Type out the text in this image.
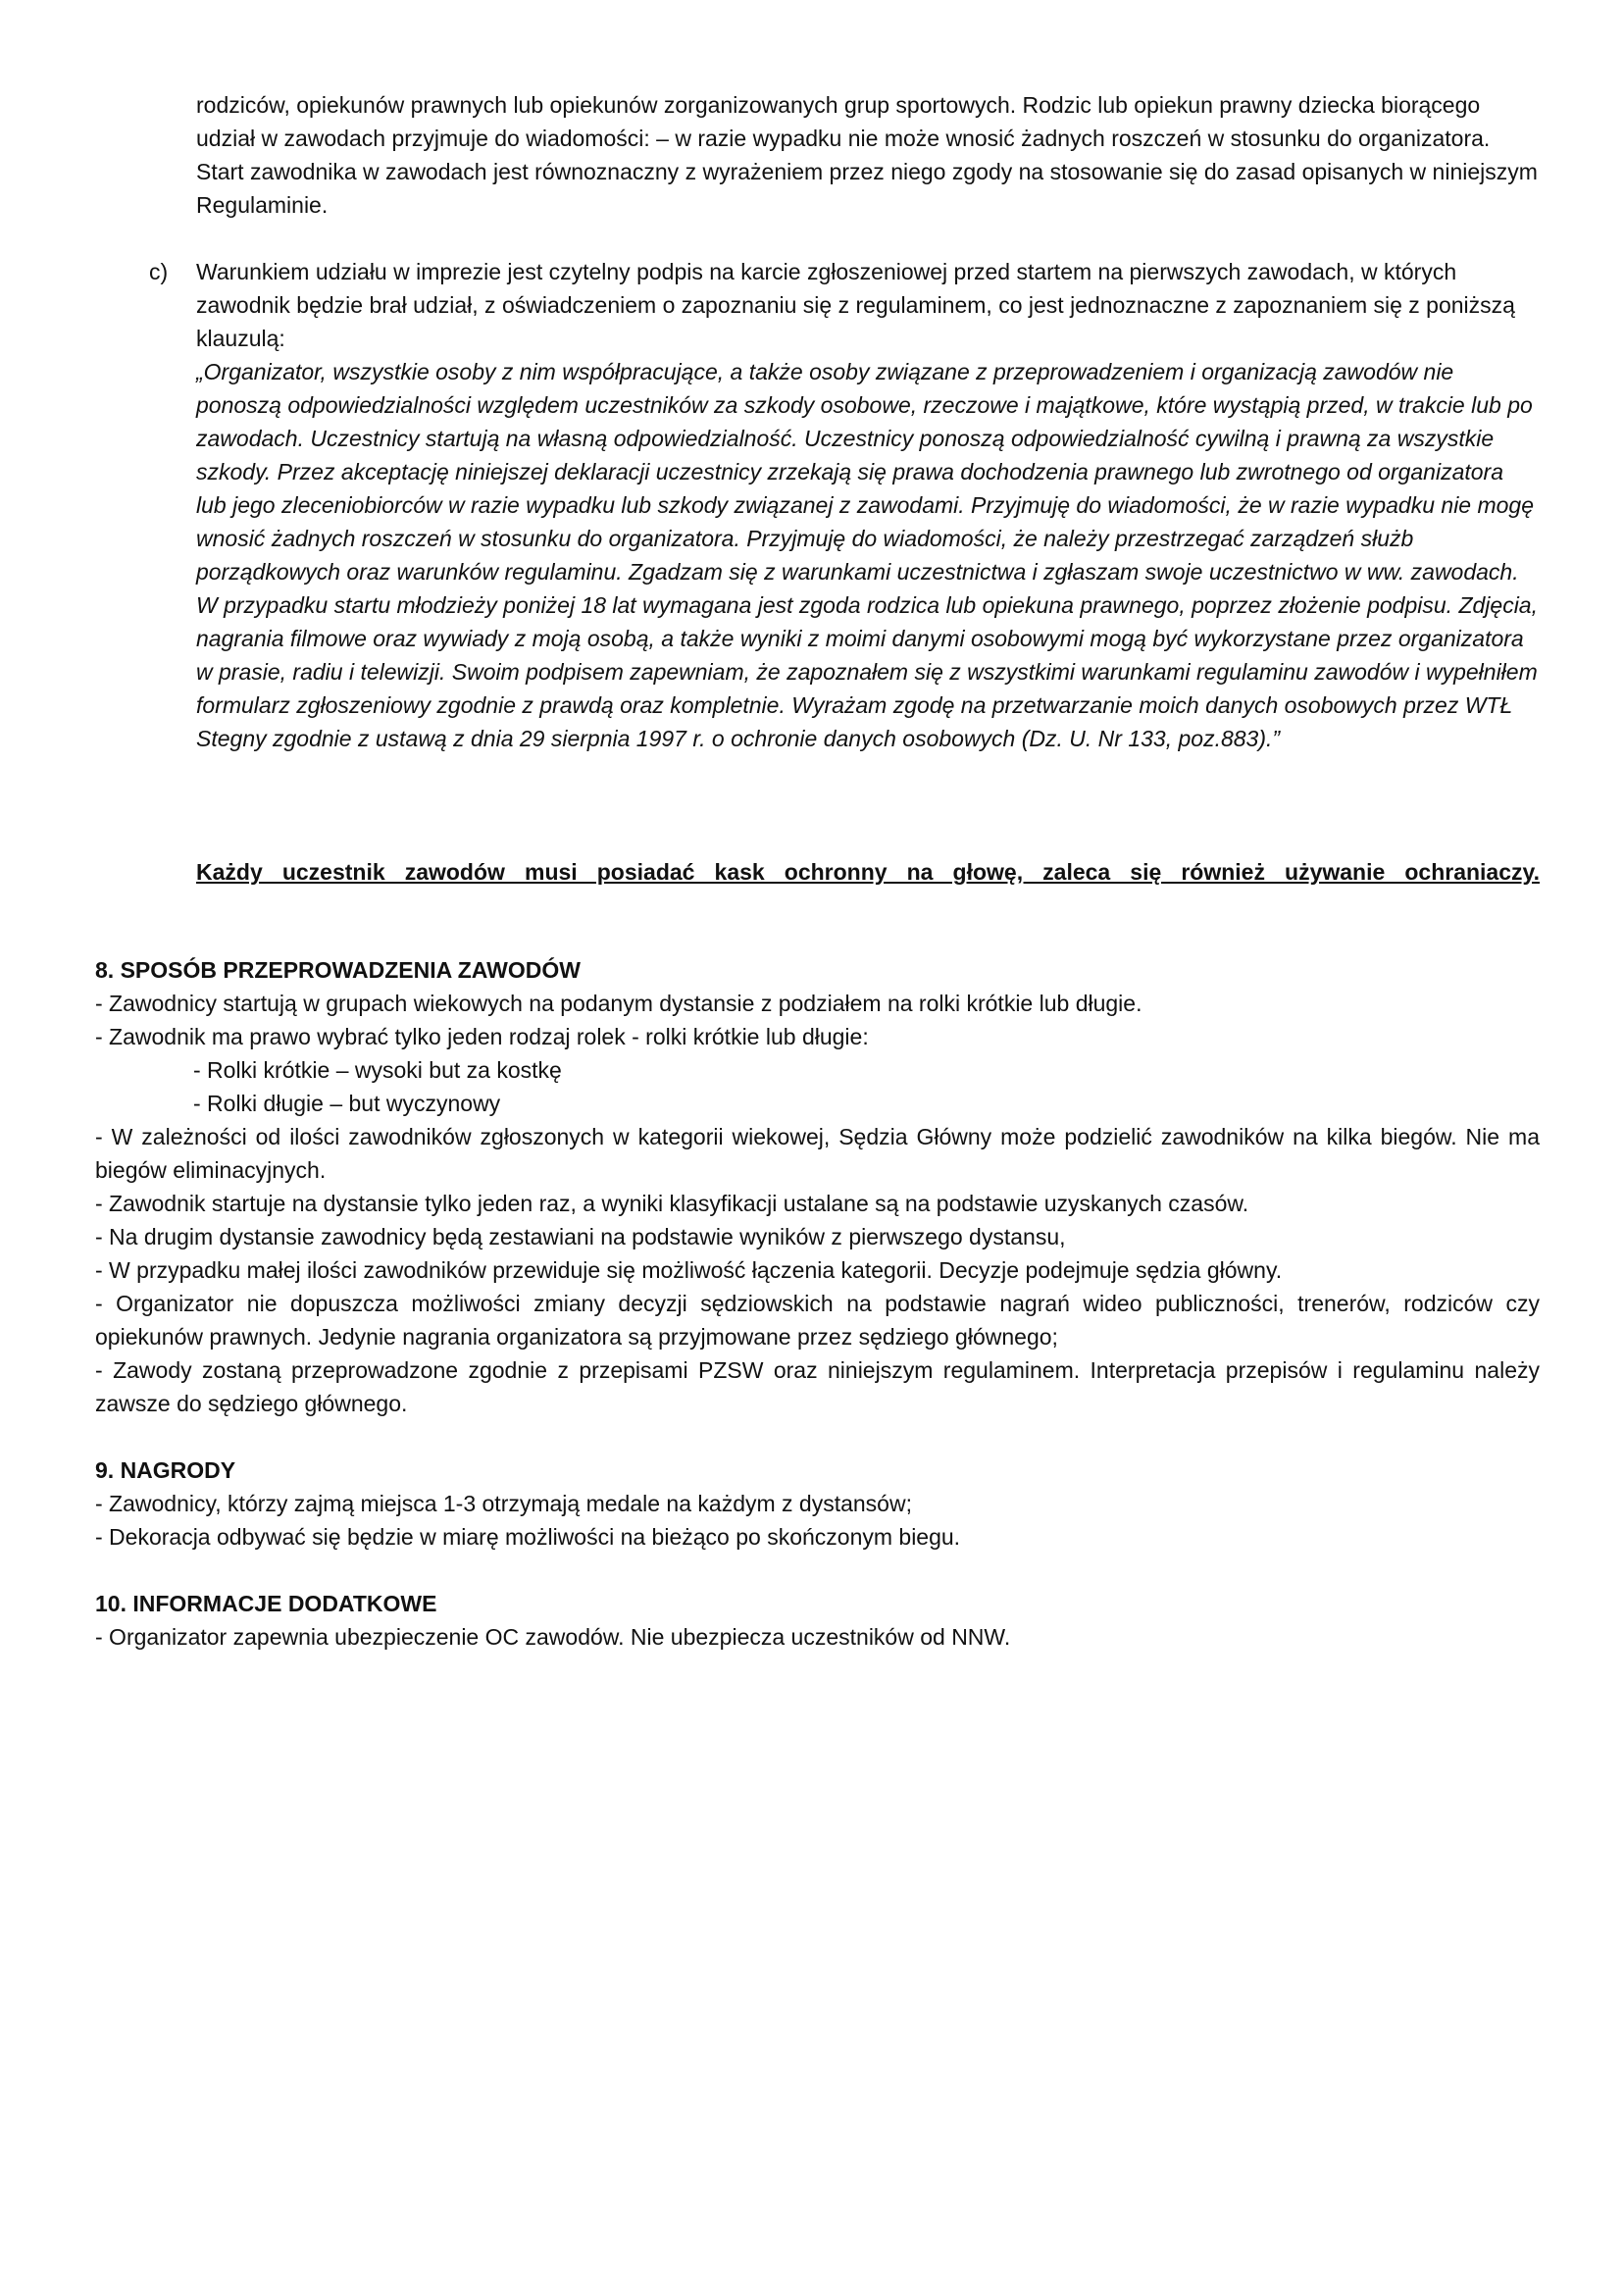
rodziców, opiekunów prawnych lub opiekunów zorganizowanych grup sportowych. Rodzic lub opiekun prawny dziecka biorącego udział w zawodach przyjmuje do wiadomości: – w razie wypadku nie może wnosić żadnych roszczeń w stosunku do organizatora. Start zawodnika w zawodach jest równoznaczny z wyrażeniem przez niego zgody na stosowanie się do zasad opisanych w niniejszym Regulaminie.

c)	Warunkiem udziału w imprezie jest czytelny podpis na karcie zgłoszeniowej przed startem na pierwszych zawodach, w których zawodnik będzie brał udział, z oświadczeniem o zapoznaniu się z regulaminem, co jest jednoznaczne z zapoznaniem się z poniższą klauzulą:

„Organizator, wszystkie osoby z nim współpracujące, a także osoby związane z przeprowadzeniem i organizacją zawodów nie ponoszą odpowiedzialności względem uczestników za szkody osobowe, rzeczowe i majątkowe, które wystąpią przed, w trakcie lub po zawodach. Uczestnicy startują na własną odpowiedzialność. Uczestnicy ponoszą odpowiedzialność cywilną i prawną za wszystkie szkody. Przez akceptację niniejszej deklaracji uczestnicy zrzekają się prawa dochodzenia prawnego lub zwrotnego od organizatora lub jego zleceniobiorców w razie wypadku lub szkody związanej z zawodami. Przyjmuję do wiadomości, że w razie wypadku nie mogę wnosić żadnych roszczeń w stosunku do organizatora. Przyjmuję do wiadomości, że należy przestrzegać zarządzeń służb porządkowych oraz warunków regulaminu. Zgadzam się z warunkami uczestnictwa i zgłaszam swoje uczestnictwo w ww. zawodach. W przypadku startu młodzieży poniżej 18 lat wymagana jest zgoda rodzica lub opiekuna prawnego, poprzez złożenie podpisu. Zdjęcia, nagrania filmowe oraz wywiady z moją osobą, a także wyniki z moimi danymi osobowymi mogą być wykorzystane przez organizatora w prasie, radiu i telewizji. Swoim podpisem zapewniam, że zapoznałem się z wszystkimi warunkami regulaminu zawodów i wypełniłem formularz zgłoszeniowy zgodnie z prawdą oraz kompletnie. Wyrażam zgodę na przetwarzanie moich danych osobowych przez WTŁ Stegny zgodnie z ustawą z dnia 29 sierpnia 1997 r. o ochronie danych osobowych (Dz. U. Nr 133, poz.883).”

Każdy uczestnik zawodów musi posiadać kask ochronny na głowę, zaleca się również używanie ochraniaczy.
8. SPOSÓB PRZEPROWADZENIA ZAWODÓW

- Zawodnicy startują w grupach wiekowych na podanym dystansie z podziałem na rolki krótkie lub długie.

- Zawodnik ma prawo wybrać tylko jeden rodzaj rolek - rolki krótkie lub długie:

- Rolki krótkie – wysoki but za kostkę

- Rolki długie – but wyczynowy

- W zależności od ilości zawodników zgłoszonych w kategorii wiekowej, Sędzia Główny może podzielić zawodników na kilka biegów. Nie ma biegów eliminacyjnych.

- Zawodnik startuje na dystansie tylko jeden raz, a wyniki klasyfikacji ustalane są na podstawie uzyskanych czasów.

- Na drugim dystansie zawodnicy będą zestawiani na podstawie wyników z pierwszego dystansu,

- W przypadku małej ilości zawodników przewiduje się możliwość łączenia kategorii. Decyzje podejmuje sędzia główny.

- Organizator nie dopuszcza możliwości zmiany decyzji sędziowskich na podstawie nagrań wideo publiczności, trenerów, rodziców czy opiekunów prawnych. Jedynie nagrania organizatora są przyjmowane przez sędziego głównego;

- Zawody zostaną przeprowadzone zgodnie z przepisami PZSW oraz niniejszym regulaminem. Interpretacja przepisów i regulaminu należy zawsze do sędziego głównego.

9. NAGRODY

- Zawodnicy, którzy zajmą miejsca 1-3 otrzymają medale na każdym z dystansów;

- Dekoracja odbywać się będzie w miarę możliwości na bieżąco po skończonym biegu.

10. INFORMACJE DODATKOWE

- Organizator zapewnia ubezpieczenie OC zawodów. Nie ubezpiecza uczestników od NNW.
